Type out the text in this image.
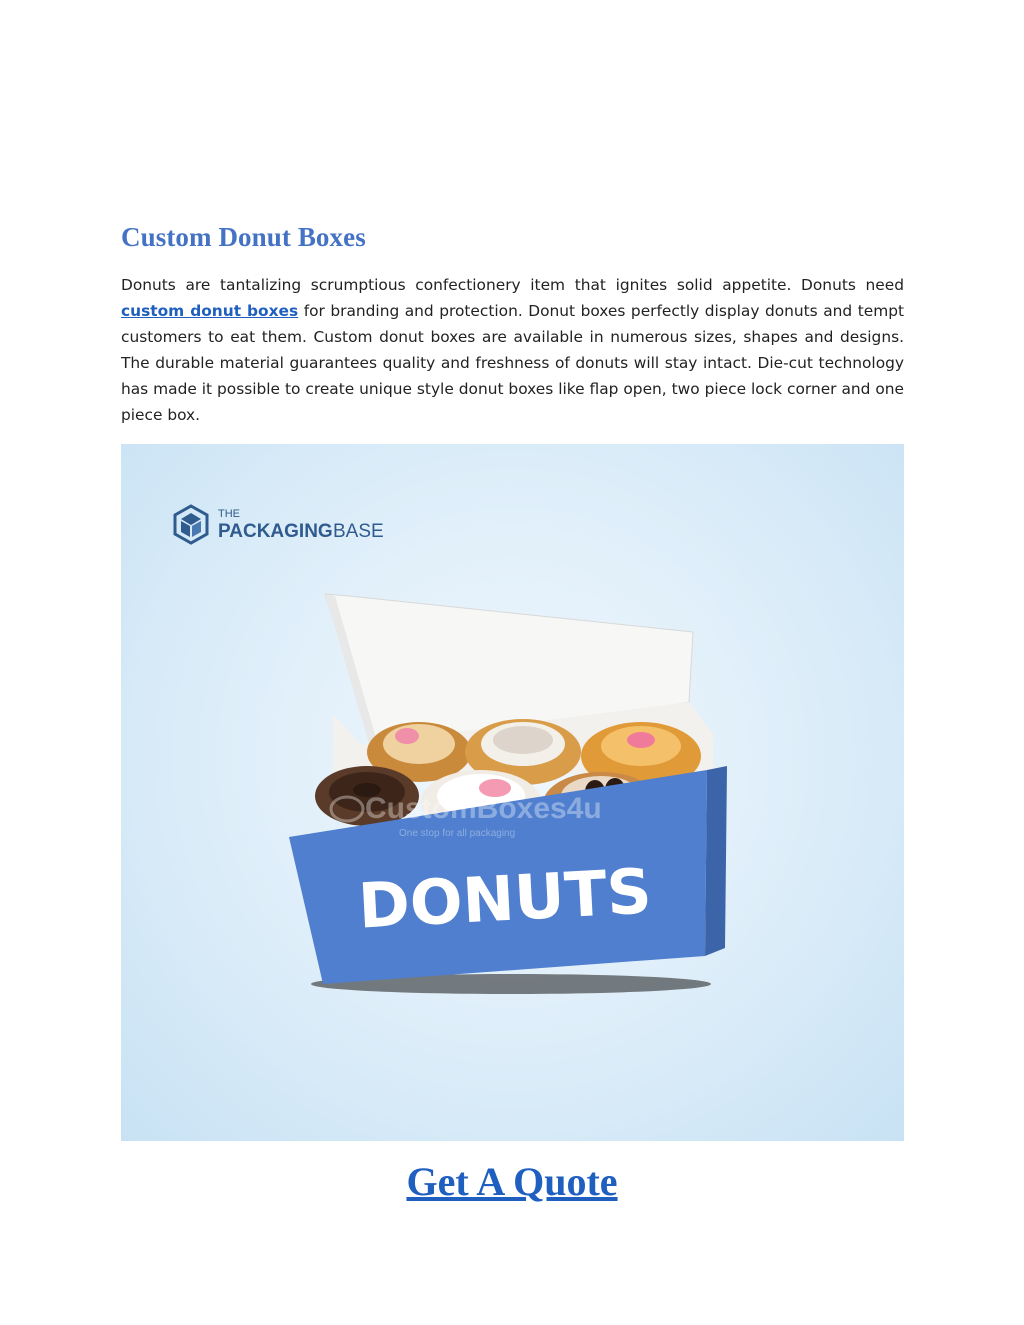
Custom Donut Boxes

Donuts are tantalizing scrumptious confectionery item that ignites solid appetite. Donuts need custom donut boxes for branding and protection. Donut boxes perfectly display donuts and tempt customers to eat them. Custom donut boxes are available in numerous sizes, shapes and designs. The durable material guarantees quality and freshness of donuts will stay intact. Die-cut technology has made it possible to create unique style donut boxes like flap open, two piece lock corner and one piece box.

THE
PACKAGING BASE
CustomBoxes4u
One stop for all packaging
DONUTS

Get A Quote
